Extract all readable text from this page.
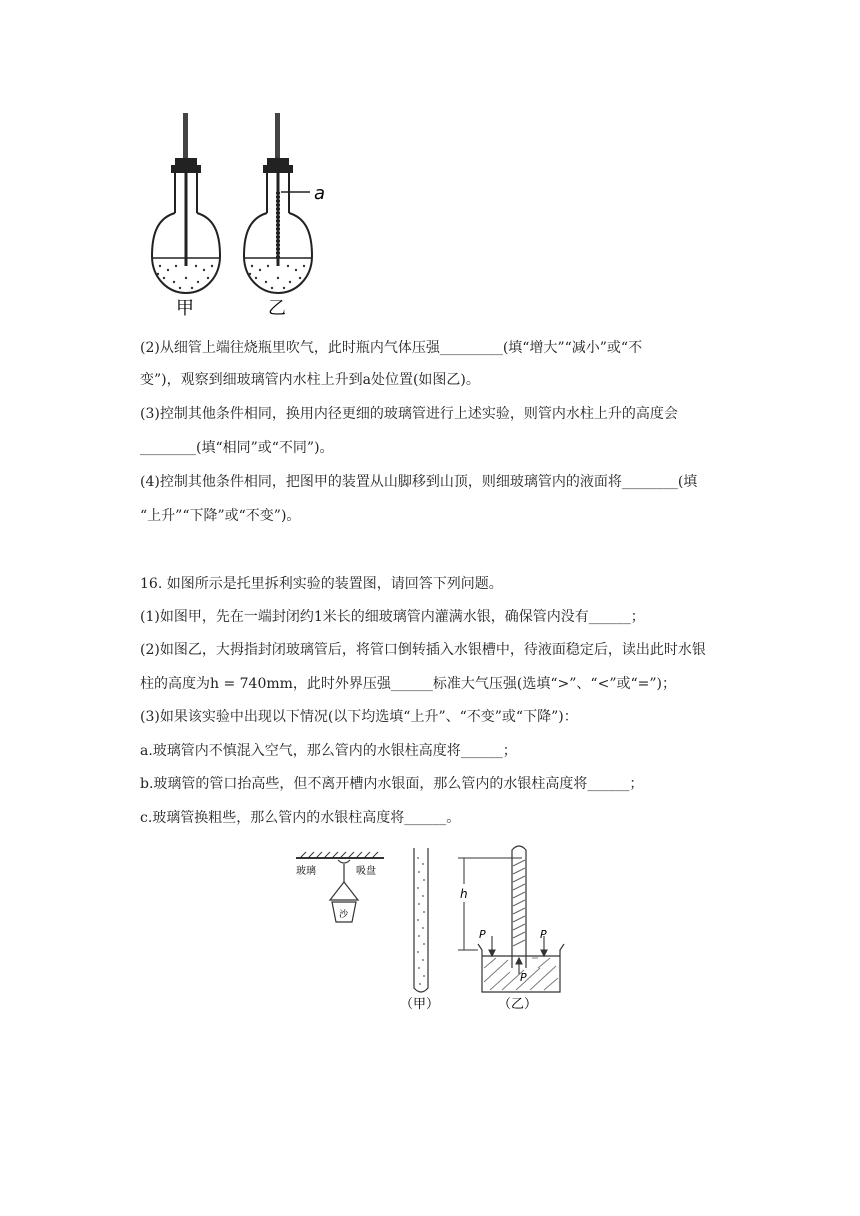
a
甲	乙
(2)从细管上端往烧瓶里吹气，此时瓶内气体压强_________(填“增大”“减小”或“不
变”)，观察到细玻璃管内水柱上升到a处位置(如图乙)。
(3)控制其他条件相同，换用内径更细的玻璃管进行上述实验，则管内水柱上升的高度会
________(填“相同”或“不同”)。
(4)控制其他条件相同，把图甲的装置从山脚移到山顶，则细玻璃管内的液面将________(填
“上升”“下降”或“不变”)。
16. 如图所示是托里拆利实验的装置图，请回答下列问题。
(1)如图甲，先在一端封闭约1米长的细玻璃管内灌满水银，确保管内没有______；
(2)如图乙，大拇指封闭玻璃管后，将管口倒转插入水银槽中，待液面稳定后，读出此时水银
柱的高度为h = 740mm，此时外界压强______标准大气压强(选填“>”、“<”或“=”)；
(3)如果该实验中出现以下情况(以下均选填“上升”、“不变”或“下降”)：
a.玻璃管内不慎混入空气，那么管内的水银柱高度将______；
b.玻璃管的管口抬高些，但不离开槽内水银面，那么管内的水银柱高度将______；
c.玻璃管换粗些，那么管内的水银柱高度将______。
玻璃	吸盘
沙
h
P	P
P
（甲）	（乙）
